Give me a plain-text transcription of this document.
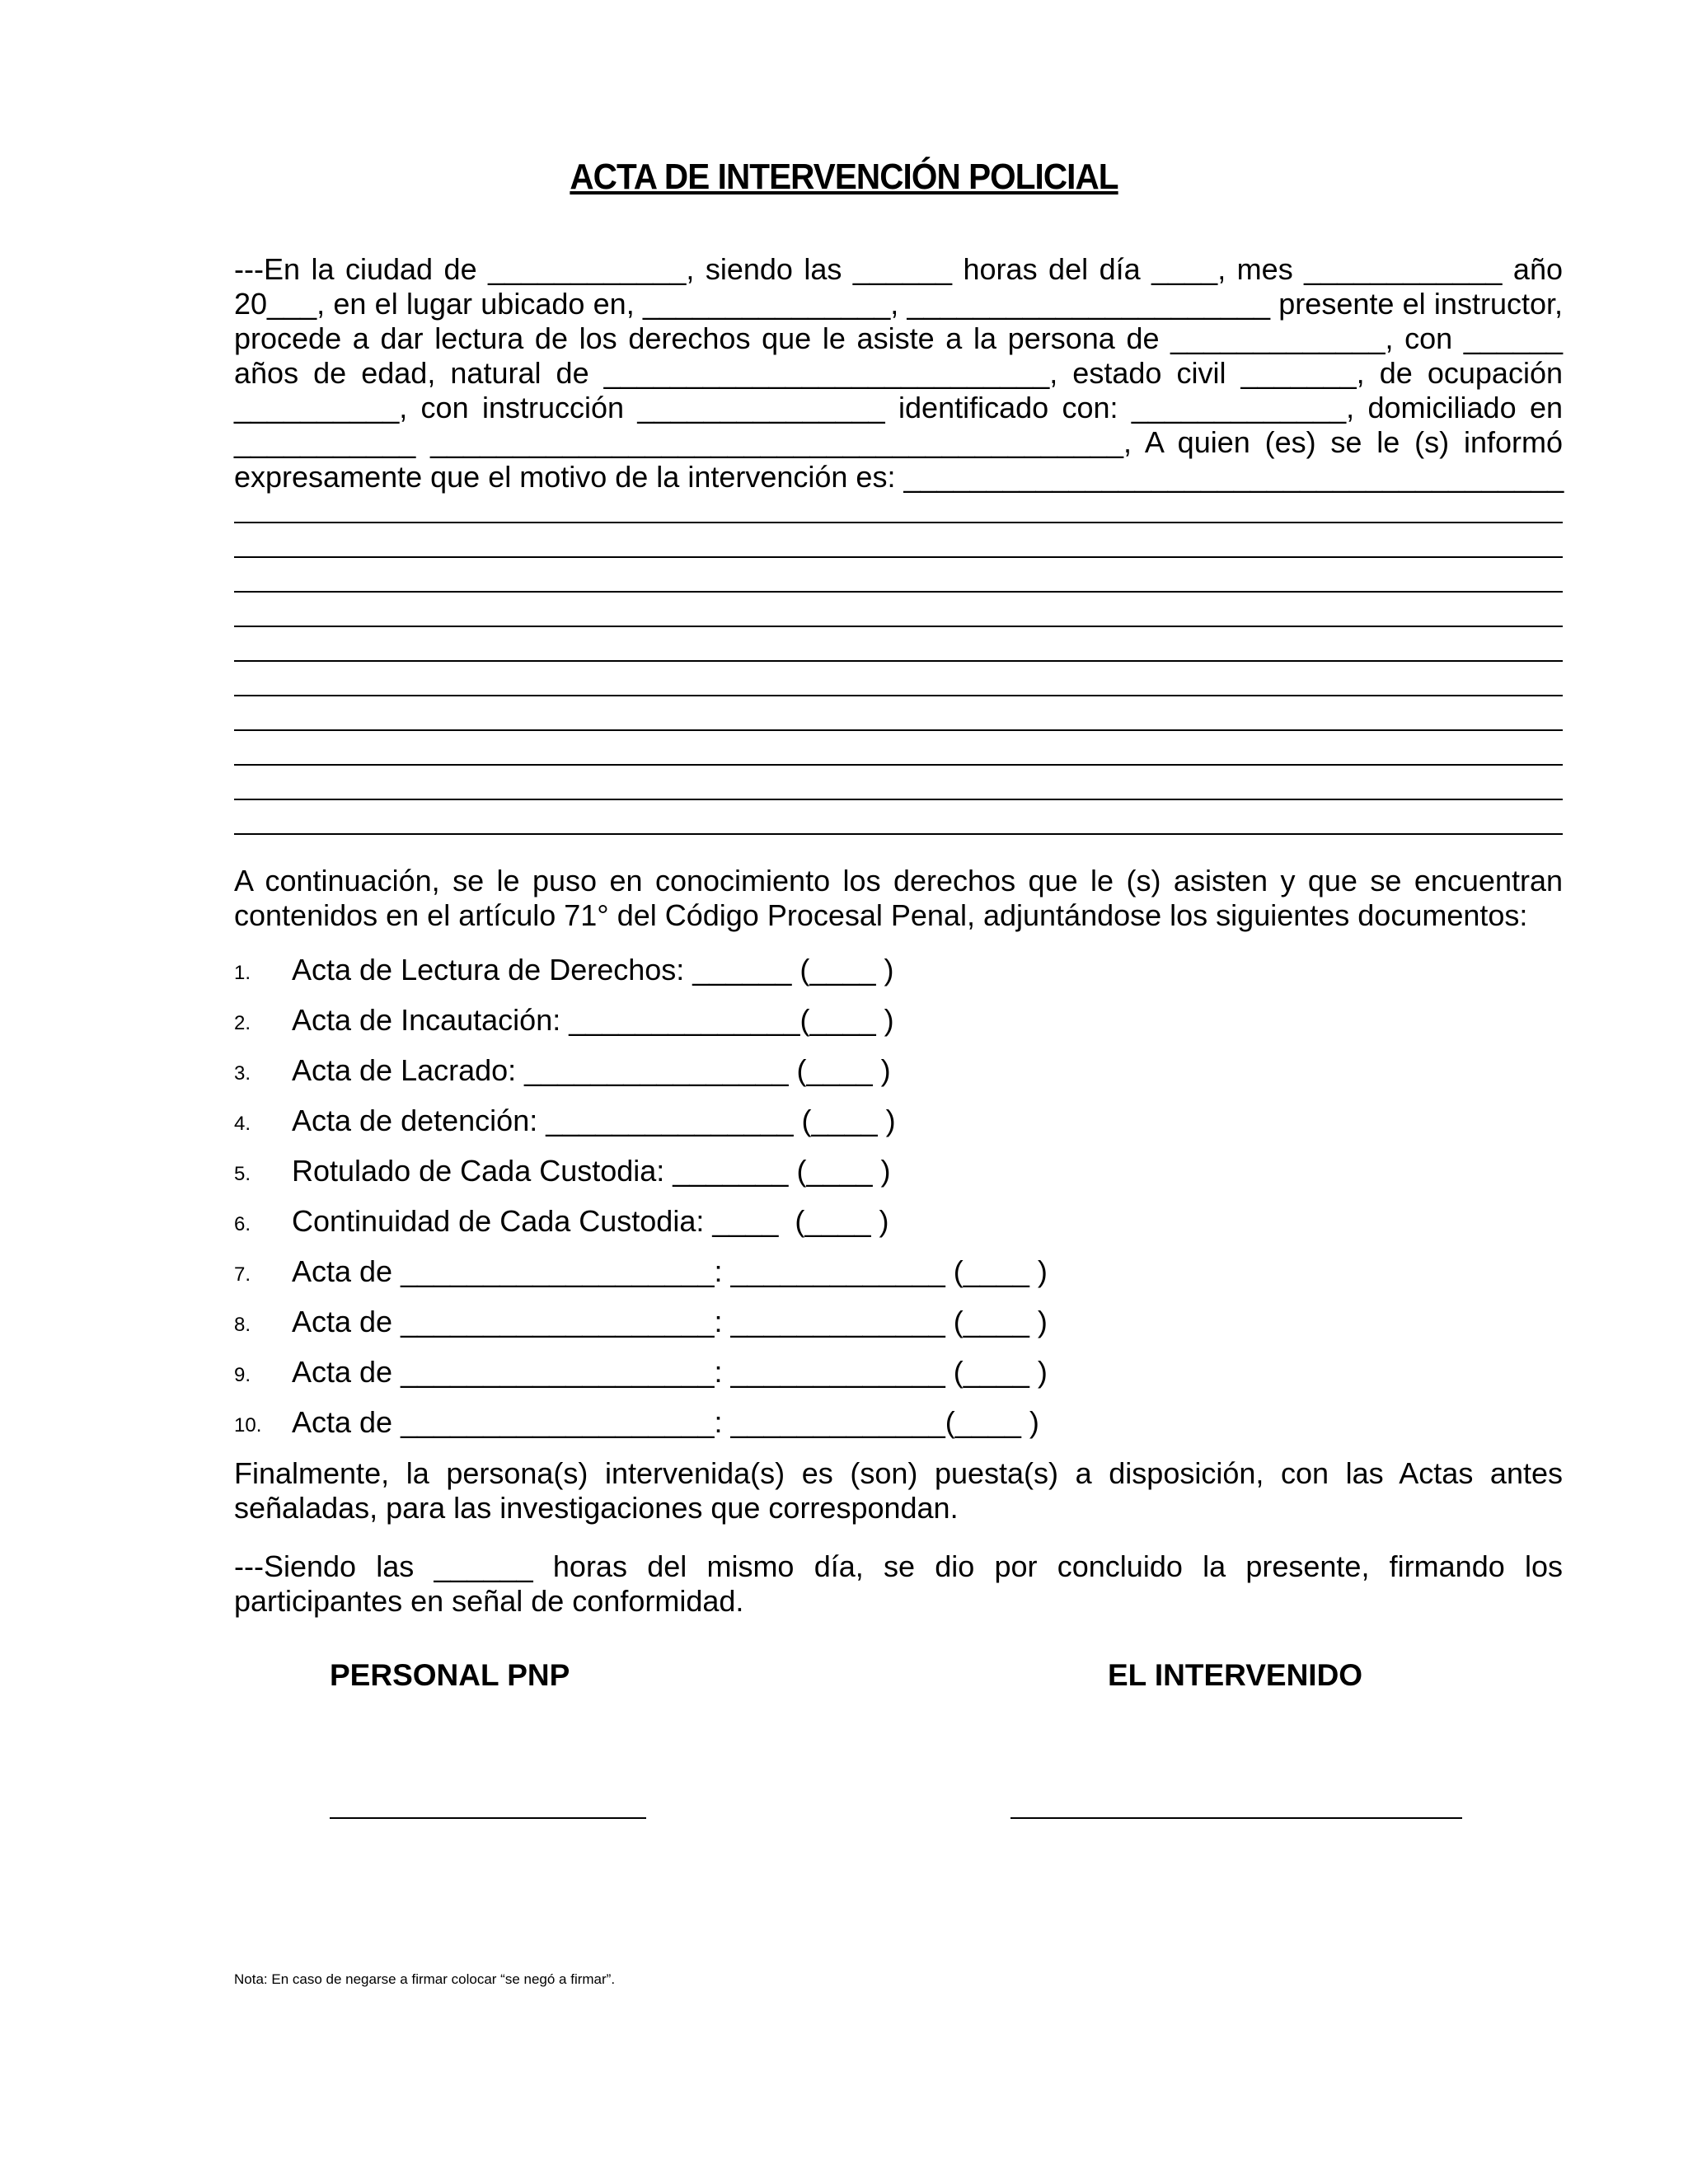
ACTA DE INTERVENCIÓN POLICIAL
---En la ciudad de ____________, siendo las ______ horas del día ____, mes ____________ año
20___, en el lugar ubicado en, _______________, ______________________ presente el instructor,
procede a dar lectura de los derechos que le asiste a la persona de _____________, con ______
años de edad, natural de ___________________________, estado civil _______, de ocupación
__________, con instrucción _______________ identificado con: _____________, domiciliado en
___________ __________________________________________, A quien (es) se le (s) informó
expresamente que el motivo de la intervención es: ________________________________________
A continuación, se le puso en conocimiento los derechos que le (s) asisten y que se encuentran
contenidos en el artículo 71° del Código Procesal Penal, adjuntándose los siguientes documentos:

1.

	Acta de Lectura de Derechos: ______ (____ )

2.

	Acta de Incautación: ______________(____ )

3.

	Acta de Lacrado: ________________ (____ )

4.

	Acta de detención: _______________ (____ )

5.

	Rotulado de Cada Custodia: _______ (____ )

6.

	Continuidad de Cada Custodia: ____  (____ )

7.

	Acta de ___________________: _____________ (____ )

8.

	Acta de ___________________: _____________ (____ )

9.

	Acta de ___________________: _____________ (____ )

10.

	Acta de ___________________: _____________(____ )

Finalmente, la persona(s) intervenida(s) es (son) puesta(s) a disposición, con las Actas antes
señaladas, para las investigaciones que correspondan.
---Siendo las ______ horas del mismo día, se dio por concluido la presente, firmando los
participantes en señal de conformidad.
PERSONAL PNP	EL INTERVENIDO
Nota: En caso de negarse a firmar colocar “se negó a firmar”.
